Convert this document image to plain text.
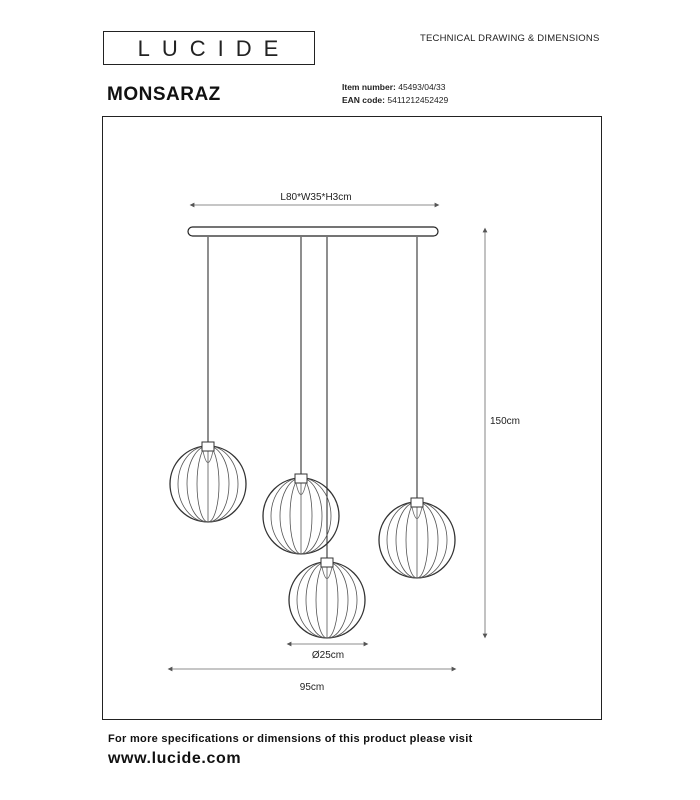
LUCIDE	TECHNICAL DRAWING & DIMENSIONS
MONSARAZ	Item number: 45493/04/33
EAN code: 5411212452429
L80*W35*H3cm
150cm
Ø25cm
95cm
For more specifications or dimensions of this product please visit
www.lucide.com
